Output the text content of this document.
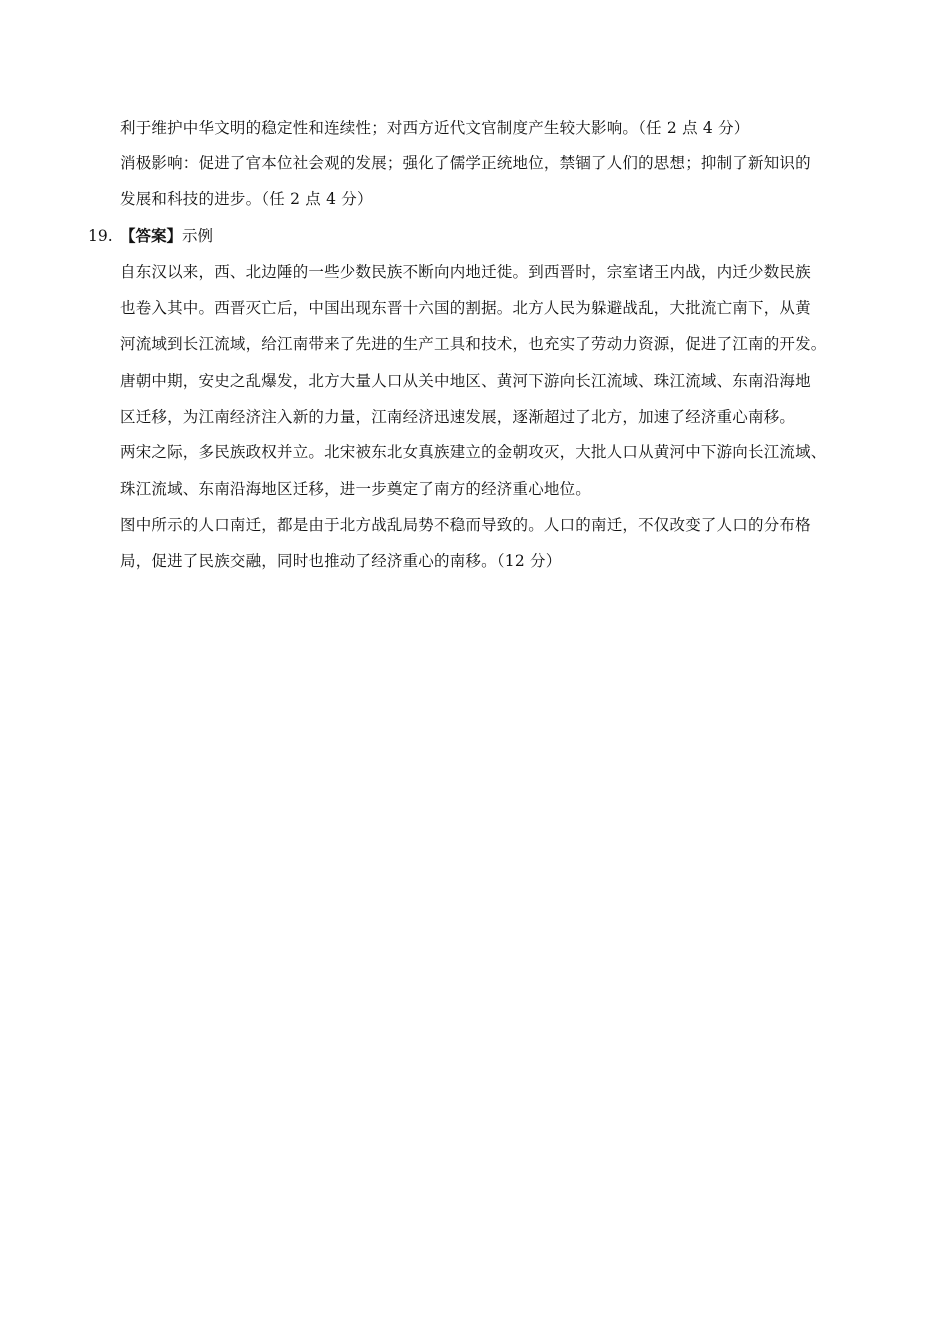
利于维护中华文明的稳定性和连续性；对西方近代文官制度产生较大影响。（任 2 点 4 分）
消极影响：促进了官本位社会观的发展；强化了儒学正统地位，禁锢了人们的思想；抑制了新知识的
发展和科技的进步。（任 2 点 4 分）
19. 【答案】示例
自东汉以来，西、北边陲的一些少数民族不断向内地迁徙。到西晋时，宗室诸王内战，内迁少数民族
也卷入其中。西晋灭亡后，中国出现东晋十六国的割据。北方人民为躲避战乱，大批流亡南下，从黄
河流域到长江流域，给江南带来了先进的生产工具和技术，也充实了劳动力资源，促进了江南的开发。
唐朝中期，安史之乱爆发，北方大量人口从关中地区、黄河下游向长江流域、珠江流域、东南沿海地
区迁移，为江南经济注入新的力量，江南经济迅速发展，逐渐超过了北方，加速了经济重心南移。
两宋之际，多民族政权并立。北宋被东北女真族建立的金朝攻灭，大批人口从黄河中下游向长江流域、
珠江流域、东南沿海地区迁移，进一步奠定了南方的经济重心地位。
图中所示的人口南迁，都是由于北方战乱局势不稳而导致的。人口的南迁，不仅改变了人口的分布格
局，促进了民族交融，同时也推动了经济重心的南移。（12 分）
